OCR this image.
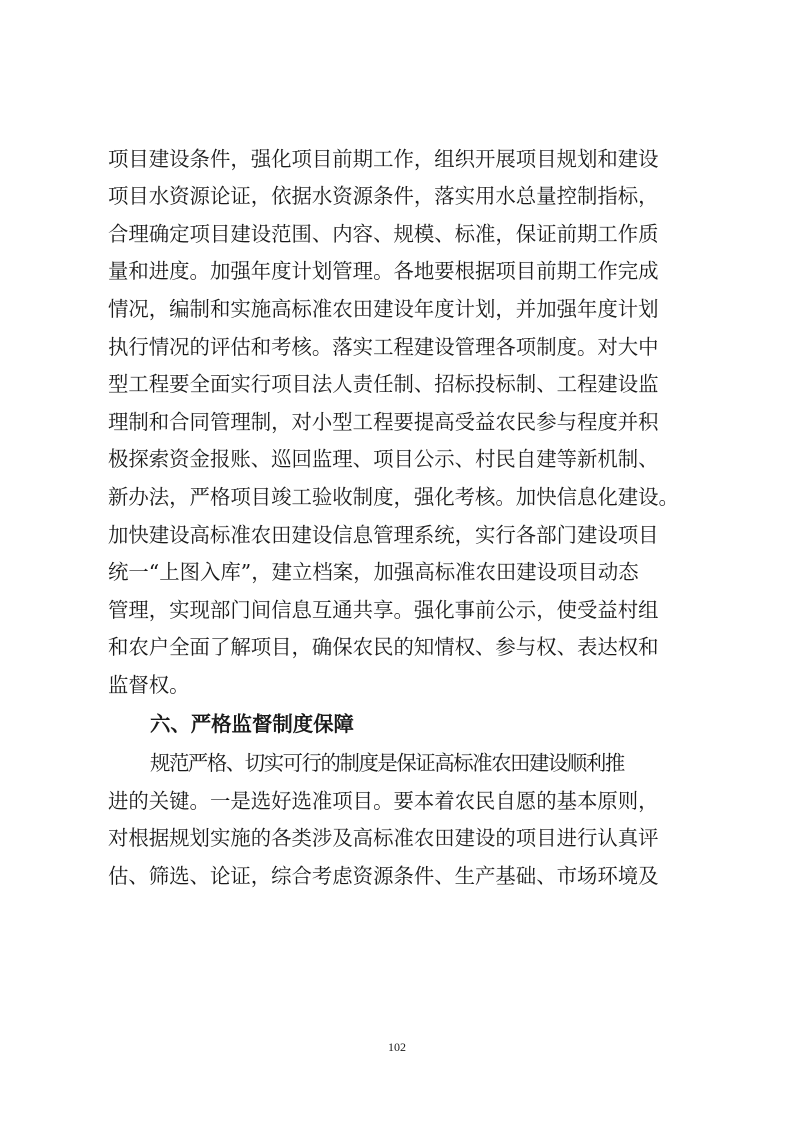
项目建设条件，强化项目前期工作，组织开展项目规划和建设
项目水资源论证，依据水资源条件，落实用水总量控制指标，
合理确定项目建设范围、内容、规模、标准，保证前期工作质
量和进度。加强年度计划管理。各地要根据项目前期工作完成
情况，编制和实施高标准农田建设年度计划，并加强年度计划
执行情况的评估和考核。落实工程建设管理各项制度。对大中
型工程要全面实行项目法人责任制、招标投标制、工程建设监
理制和合同管理制，对小型工程要提高受益农民参与程度并积
极探索资金报账、巡回监理、项目公示、村民自建等新机制、
新办法，严格项目竣工验收制度，强化考核。加快信息化建设。
加快建设高标准农田建设信息管理系统，实行各部门建设项目
统一“上图入库”，建立档案，加强高标准农田建设项目动态
管理，实现部门间信息互通共享。强化事前公示，使受益村组
和农户全面了解项目，确保农民的知情权、参与权、表达权和
监督权。
六、严格监督制度保障
规范严格、切实可行的制度是保证高标准农田建设顺利推
进的关键。一是选好选准项目。要本着农民自愿的基本原则，
对根据规划实施的各类涉及高标准农田建设的项目进行认真评
估、筛选、论证，综合考虑资源条件、生产基础、市场环境及
102
